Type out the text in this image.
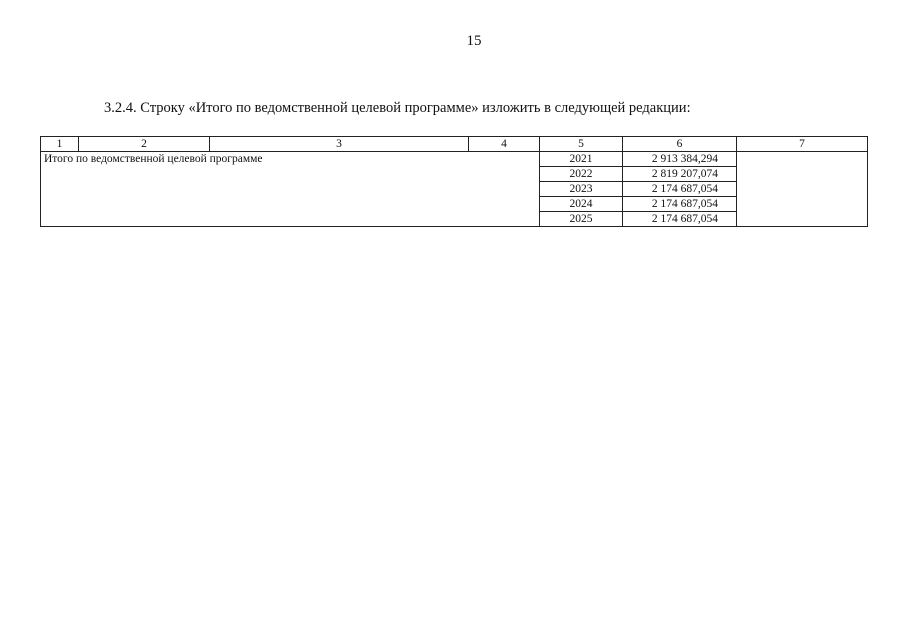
15
3.2.4. Строку «Итого по ведомственной целевой программе» изложить в следующей редакции:
1	2	3	4	5	6	7
Итого по ведомственной целевой программе				2021	2 913 384,294	
				2022	2 819 207,074	
				2023	2 174 687,054	
				2024	2 174 687,054	
				2025	2 174 687,054	
